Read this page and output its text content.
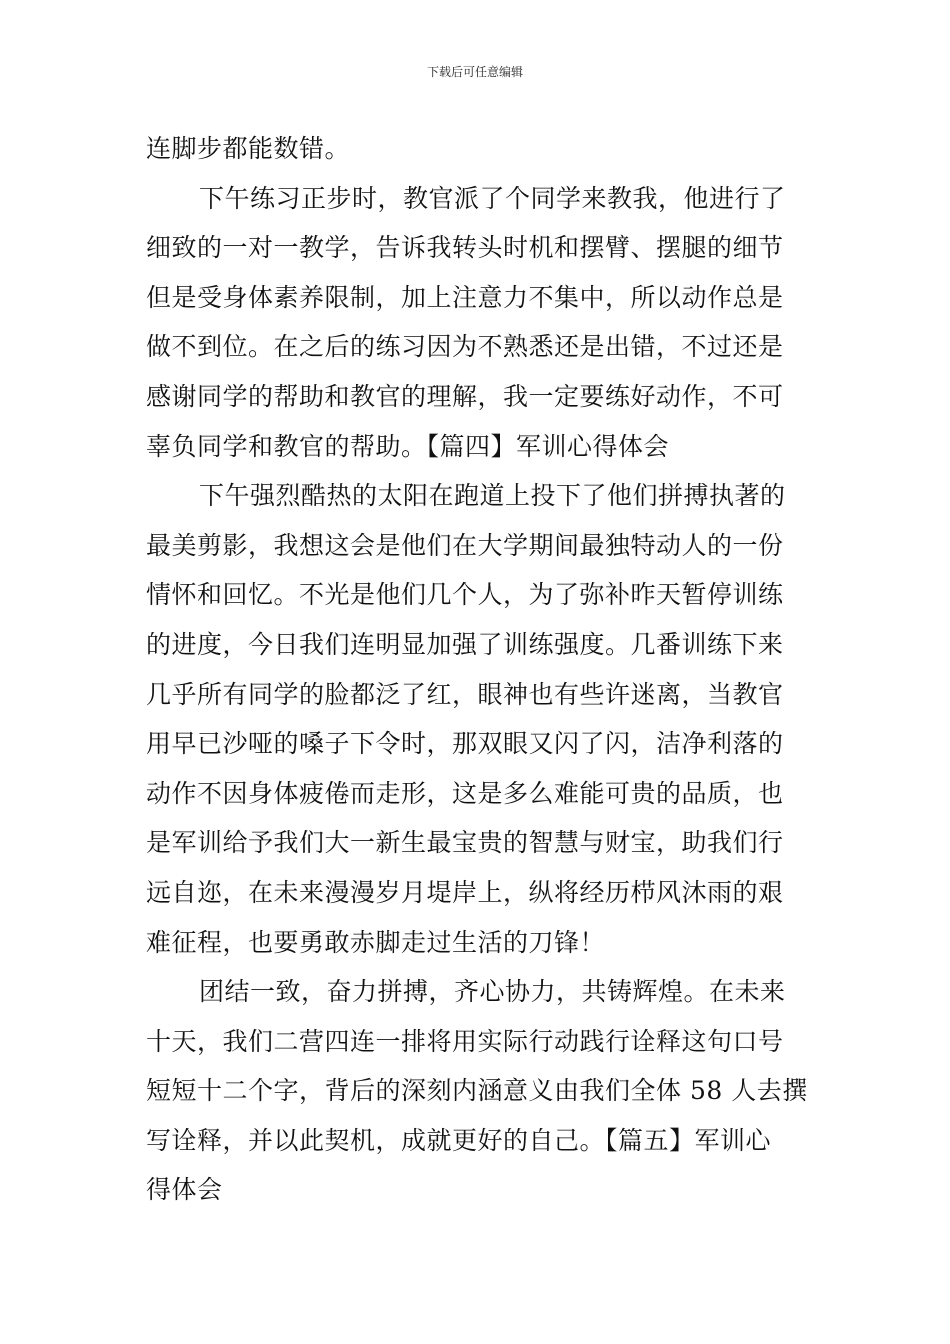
下载后可任意编辑
连脚步都能数错。
下午练习正步时，教官派了个同学来教我，他进行了
细致的一对一教学，告诉我转头时机和摆臂、摆腿的细节
但是受身体素养限制，加上注意力不集中，所以动作总是
做不到位。在之后的练习因为不熟悉还是出错，不过还是
感谢同学的帮助和教官的理解，我一定要练好动作，不可
辜负同学和教官的帮助。【篇四】军训心得体会
下午强烈酷热的太阳在跑道上投下了他们拼搏执著的
最美剪影，我想这会是他们在大学期间最独特动人的一份
情怀和回忆。不光是他们几个人，为了弥补昨天暂停训练
的进度，今日我们连明显加强了训练强度。几番训练下来
几乎所有同学的脸都泛了红，眼神也有些许迷离，当教官
用早已沙哑的嗓子下令时，那双眼又闪了闪，洁净利落的
动作不因身体疲倦而走形，这是多么难能可贵的品质，也
是军训给予我们大一新生最宝贵的智慧与财宝，助我们行
远自迩，在未来漫漫岁月堤岸上，纵将经历栉风沐雨的艰
难征程，也要勇敢赤脚走过生活的刀锋！
团结一致，奋力拼搏，齐心协力，共铸辉煌。在未来
十天，我们二营四连一排将用实际行动践行诠释这句口号
短短十二个字，背后的深刻内涵意义由我们全体 58 人去撰
写诠释，并以此契机，成就更好的自己。【篇五】军训心
得体会
